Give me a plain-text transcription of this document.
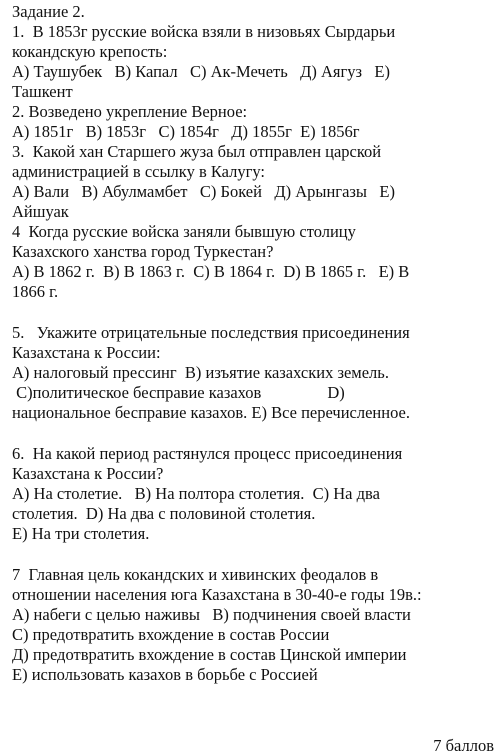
Задание 2.
1.  В 1853г русские войска взяли в низовьях Сырдарьи
кокандскую крепость:
А) Таушубек   В) Капал   С) Ак-Мечеть   Д) Аягуз   Е)
Ташкент
2. Возведено укрепление Верное:
А) 1851г   В) 1853г   С) 1854г   Д) 1855г  Е) 1856г
3.  Какой хан Старшего жуза был отправлен царской
администрацией в ссылку в Калугу:
А) Вали   В) Абулмамбет   С) Бокей   Д) Арынгазы   Е)
Айшуак
4  Когда русские войска заняли бывшую столицу
Казахского ханства город Туркестан?
А) В 1862 г.  В) В 1863 г.  С) В 1864 г.  D) В 1865 г.   E) В
1866 г.
5.   Укажите отрицательные последствия присоединения
Казахстана к России:
А) налоговый прессинг  В) изъятие казахских земель.
С)политическое бесправие казахов                D)
национальное бесправие казахов. Е) Все перечисленное.
6.  На какой период растянулся процесс присоединения
Казахстана к России?
А) На столетие.   В) На полтора столетия.  С) На два
столетия.  D) На два с половиной столетия.
Е) На три столетия.
7  Главная цель кокандских и хивинских феодалов в
отношении населения юга Казахстана в 30-40-е годы 19в.:
А) набеги с целью наживы   В) подчинения своей власти
С) предотвратить вхождение в состав России
Д) предотвратить вхождение в состав Цинской империи
Е) использовать казахов в борьбе с Россией
7 баллов
